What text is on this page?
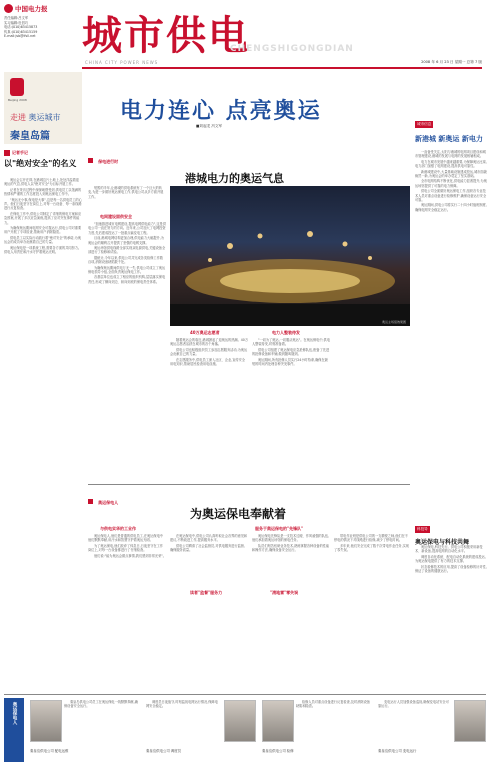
中国电力报
责任编辑:吕文军
实习编辑:杜昌巧
电话:(010)63415873
传真:(010)63415159
E-mail:jsb@lfsll.net	城市供电
CHENGSHIGONGDIAN
CHINA CITY POWER NEWS	2008 年 6 月 23 日 星期一 总第 7 版
Beijing 2008
走进 奥运城市
秦皇岛篇
电力连心 点亮奥运
■刘起龙 冯文军	城市信息
新港城 新奥运 新电力

一直备受关注,太阳与港城的电网项目建设和城市管理建设,港城的发展与电网的发展相辅相成。

电力在城市发展中越来越重要,为保障奥运比赛,电力部门加强了电网建设,提高供电可靠性。

新港城建设中,大量基础设施建成投运,城市面貌焕然一新,为奥运会的举办奠定了坚实基础。

全市电网结构不断优化,供电能力显著提升,为奥运场馆提供了可靠的电力保障。

供电公司全面做好奥运保电工作,组织各专业技术人员对重点设备进行检修维护,确保设备运行安全可靠。

奥运期间,供电公司将实行二十四小时值班制度,确保电网安全稳定运行。

记者手记
以"绝对安全"的名义

奥运会召开在即,在港城这片土地上,处处洋溢着迎奥运的气息,供电人以"绝对安全"为目标开展工作。

记者在采访过程中深深地感受到,供电员工以饱满的热情和严谨的工作态度投入到奥运保电工作中。

"奥运无小事,保电是大事",这是每一名供电员工的心声。他们日夜坚守在岗位上,对每一台设备、每一条线路进行反复检查。

在保电工作中,供电公司制定了详细的保电方案和应急预案,开展了多次应急演练,提高了应对突发事件的能力。

为确保奥运期间电网安全可靠运行,供电公司对重要用户开展了专项检查,帮助用户消除隐患。

供电员工以实际行动践行着"绝对安全"的承诺,为奥运会的成功举办贡献着自己的力量。

奥运保电是一项系统工程,需要各方面的共同努力。供电人用责任和汗水守护着奥运光明。

保电进行时
港城电力的奥运气息

短暂的半年,让港城的供电系统有了一个巨大的转变,为进一步做好奥运保电工作,供电公司从多方面开展工作。

电网建设固供安全

"加速推进城市电网建设,提高电网供电能力",这是供电公司一直在努力的方向。近年来,公司加大了电网投资力度,先后建成投运了一批重点输变电工程。

目前,港城电网结构更加合理,供电能力大幅提升,为奥运会的顺利召开提供了坚强的电网支撑。

奥运场馆供电线路全部实现双电源供电,关键设备全部进行了检修和试验。

据统计,今年以来,供电公司共完成各类检修工作数百项,消除设备缺陷数千处。

为确保奥运期间供电万无一失,供电公司成立了奥运保电领导小组,全面负责奥运保电工作。

各基层单位也成立了相应的组织机构,层层落实保电责任,形成了横向到边、纵向到底的保电责任体系。

奥运主场馆效果图
40万奥运志愿者

随着奥运会的临近,港城掀起了迎奥运的热潮。40万奥运志愿者活跃在城市的各个角落。

供电公司也积极组织员工参加志愿服务活动,为奥运会贡献自己的力量。

在志愿服务中,供电员工深入社区、企业,宣传安全用电知识,帮助居民检查用电设施。

电力人整装待发

"一切为了奥运,一切服从奥运"。在奥运保电中,供电人整装待发,时刻准备着。

供电公司组建了奥运保电应急抢修队伍,配备了先进的抢修设备和车辆,做到随叫随到。

奥运期间,所有抢修人员实行24小时待命,确保在最短的时间内处理各种突发事件。

奥运保电人
为奥运保电奉献着
与供电实华的工业作

奥运保电人,他们是普通的供电员工,在奥运保电中他们默默奉献,用汗水和智慧守护着奥运光明。

为了奥运保电,他们放弃了休息日,日夜坚守在工作岗位上,对每一台设备都进行了仔细检查。

他们说:"能为奥运会做点事情,我们感到非常光荣"。

读者"监督"服务力

在奥运保电中,供电公司认真听取社会各界的意见和建议,不断改进工作,提高服务水平。

供电公司聘请了社会监督员,对供电服务进行监督,确保服务质量。

服务于奥运保电的"先锋队"

奥运保电先锋队是一支技术过硬、作风顽强的队伍,他们承担着奥运场馆的保电任务。

队员们刻苦钻研业务技术,熟练掌握各种设备的性能和操作方法,确保设备安全运行。

"滚地雷"零失误

带电作业班是供电公司的一支精锐之师,他们在不停电的情况下对线路进行检修,减少了停电时间。

多年来,他们安全完成了数千次带电作业任务,实现了零失误。

科技导
奥运保电与科技共舞

奥运保电,科技先行。供电公司积极采用新技术、新设备,提高电网的自动化水平。

调度自动化系统、配电自动化系统的建成投运,为奥运保电提供了有力的技术支撑。

状态检修技术的应用,提高了设备检修的针对性,保证了设备的健康运行。

奥运保电人	秦皇岛供电公司员工在奥运保电一线默默奉献,确保设备安全运行。

秦皇岛供电公司 配电运维

调度员日夜值守,时刻监视电网运行情况,保障电网安全稳定。

秦皇岛供电公司 调度员

检修人员对重点设备进行反复检查,及时消除设备缺陷和隐患。

秦皇岛供电公司 检修

变电运行人员加强设备巡视,确保变电站安全可靠运行。

秦皇岛供电公司 变电运行
